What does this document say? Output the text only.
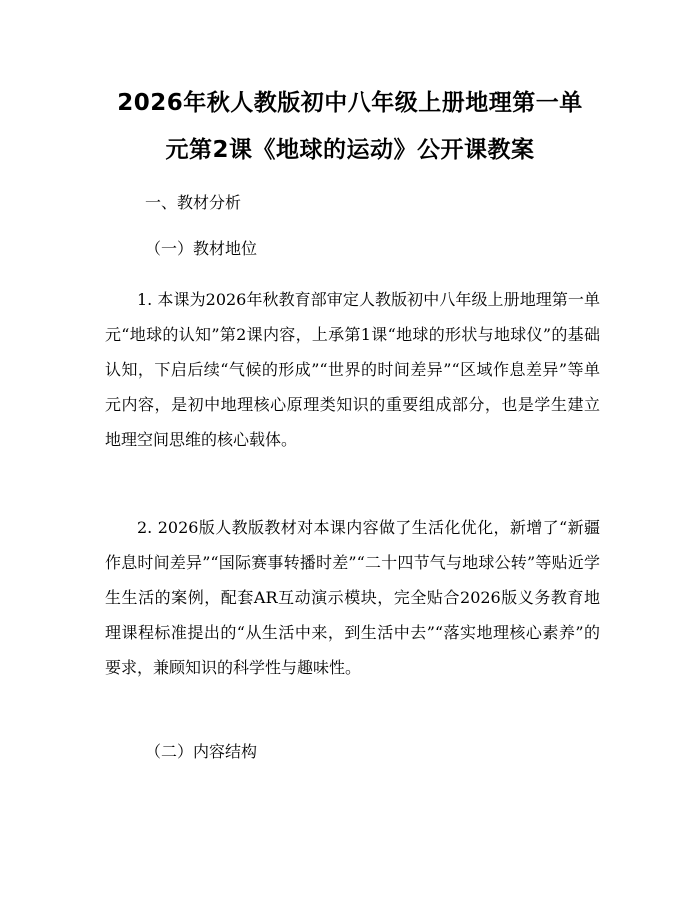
2026年秋人教版初中八年级上册地理第一单
元第2课《地球的运动》公开课教案

一、教材分析

（一）教材地位

1. 本课为2026年秋教育部审定人教版初中八年级上册地理第一单元“地球的认知”第2课内容，上承第1课“地球的形状与地球仪”的基础认知，下启后续“气候的形成”“世界的时间差异”“区域作息差异”等单元内容，是初中地理核心原理类知识的重要组成部分，也是学生建立地理空间思维的核心载体。

2. 2026版人教版教材对本课内容做了生活化优化，新增了“新疆作息时间差异”“国际赛事转播时差”“二十四节气与地球公转”等贴近学生生活的案例，配套AR互动演示模块，完全贴合2026版义务教育地理课程标准提出的“从生活中来，到生活中去”“落实地理核心素养”的要求，兼顾知识的科学性与趣味性。

（二）内容结构
